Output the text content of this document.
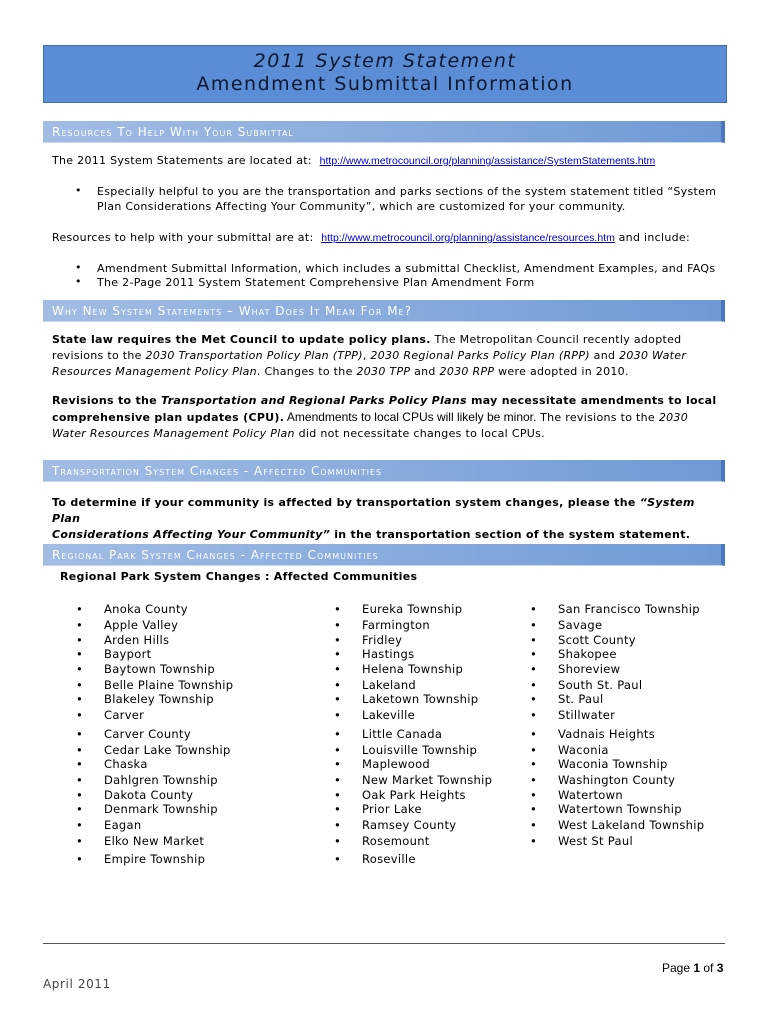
2011 System Statement
Amendment Submittal Information
Resources To Help With Your Submittal
The 2011 System Statements are located at: http://www.metrocouncil.org/planning/assistance/SystemStatements.htm
• Especially helpful to you are the transportation and parks sections of the system statement titled “System
Plan Considerations Affecting Your Community”, which are customized for your community.
Resources to help with your submittal are at: http://www.metrocouncil.org/planning/assistance/resources.htm and include:
• Amendment Submittal Information, which includes a submittal Checklist, Amendment Examples, and FAQs
• The 2-Page 2011 System Statement Comprehensive Plan Amendment Form
Why New System Statements – What Does It Mean For Me?
State law requires the Met Council to update policy plans. The Metropolitan Council recently adopted
revisions to the 2030 Transportation Policy Plan (TPP), 2030 Regional Parks Policy Plan (RPP) and 2030 Water
Resources Management Policy Plan. Changes to the 2030 TPP and 2030 RPP were adopted in 2010.
Revisions to the Transportation and Regional Parks Policy Plans may necessitate amendments to local
comprehensive plan updates (CPU). Amendments to local CPUs will likely be minor. The revisions to the 2030
Water Resources Management Policy Plan did not necessitate changes to local CPUs.
Transportation System Changes - Affected Communities
To determine if your community is affected by transportation system changes, please the “System Plan
Considerations Affecting Your Community” in the transportation section of the system statement.
Regional Park System Changes - Affected Communities
Regional Park System Changes : Affected Communities
• Anoka County
• Apple Valley
• Arden Hills
• Bayport
• Baytown Township
• Belle Plaine Township
• Blakeley Township
• Carver
• Carver County
• Cedar Lake Township
• Chaska
• Dahlgren Township
• Dakota County
• Denmark Township
• Eagan
• Elko New Market
• Empire Township
• Eureka Township
• Farmington
• Fridley
• Hastings
• Helena Township
• Lakeland
• Laketown Township
• Lakeville
• Little Canada
• Louisville Township
• Maplewood
• New Market Township
• Oak Park Heights
• Prior Lake
• Ramsey County
• Rosemount
• Roseville
• San Francisco Township
• Savage
• Scott County
• Shakopee
• Shoreview
• South St. Paul
• St. Paul
• Stillwater
• Vadnais Heights
• Waconia
• Waconia Township
• Washington County
• Watertown
• Watertown Township
• West Lakeland Township
• West St Paul
Page 1 of 3
April 2011
